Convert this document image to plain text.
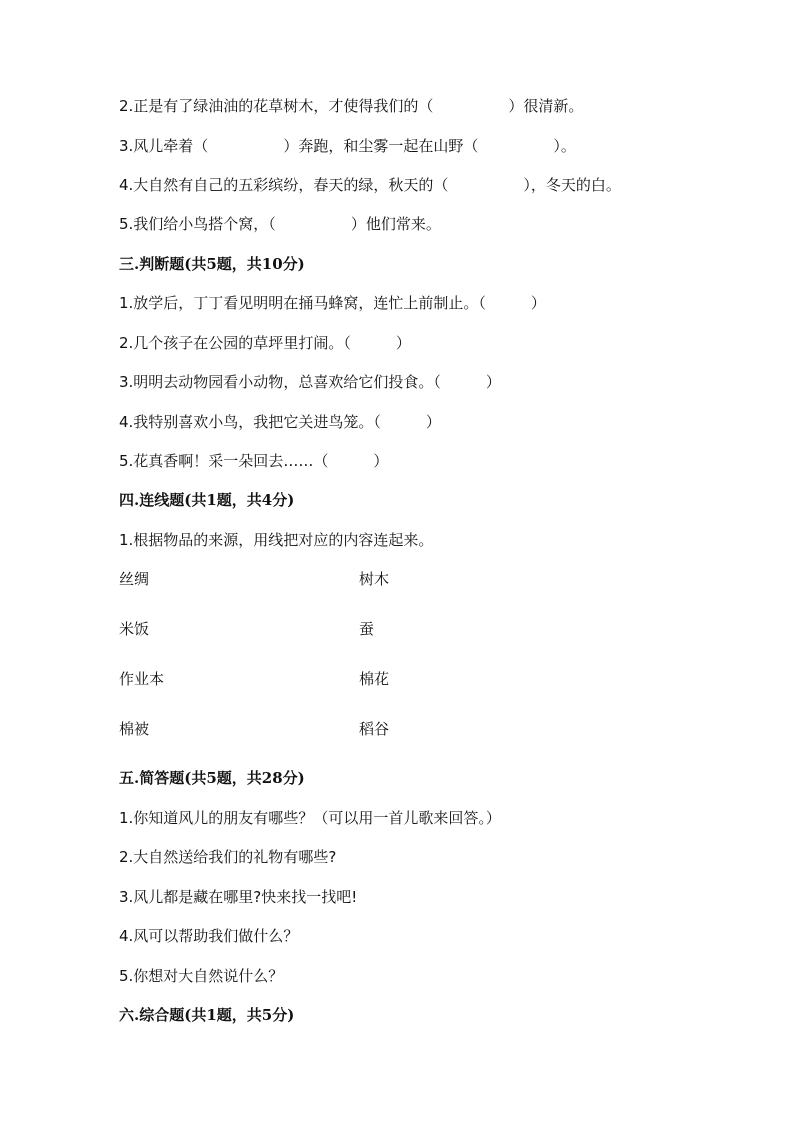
2.正是有了绿油油的花草树木，才使得我们的（　　　　　）很清新。
3.风儿牵着（　　　　　）奔跑，和尘雾一起在山野（　　　　　）。
4.大自然有自己的五彩缤纷，春天的绿，秋天的（　　　　　），冬天的白。
5.我们给小鸟搭个窝，（　　　　　）他们常来。
三.判断题(共5题，共10分)
1.放学后，丁丁看见明明在捅马蜂窝，连忙上前制止。（　　　）
2.几个孩子在公园的草坪里打闹。（　　　）
3.明明去动物园看小动物，总喜欢给它们投食。（　　　）
4.我特别喜欢小鸟，我把它关进鸟笼。（　　　）
5.花真香啊！采一朵回去……（　　　）
四.连线题(共1题，共4分)
1.根据物品的来源，用线把对应的内容连起来。
丝绸	树木
米饭	蚕
作业本	棉花
棉被	稻谷
五.简答题(共5题，共28分)
1.你知道风儿的朋友有哪些？（可以用一首儿歌来回答。）
2.大自然送给我们的礼物有哪些?
3.风儿都是藏在哪里?快来找一找吧!
4.风可以帮助我们做什么？
5.你想对大自然说什么？
六.综合题(共1题，共5分)
